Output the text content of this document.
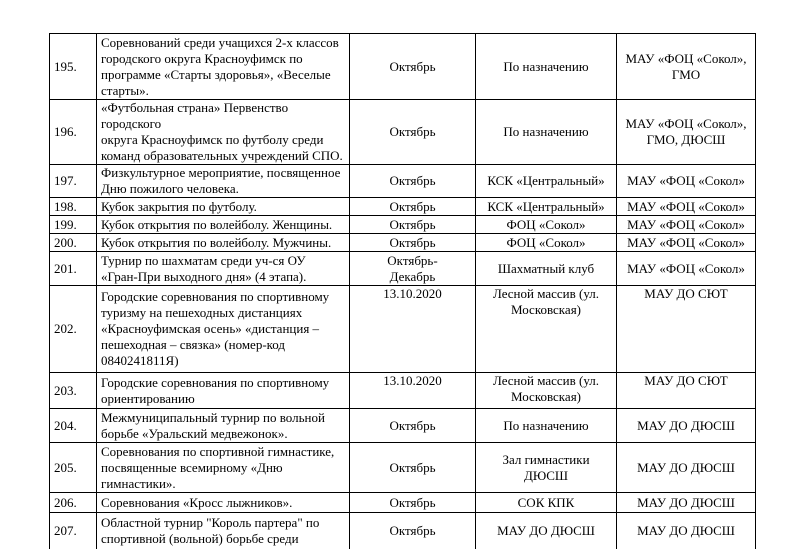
195.	Соревнований среди учащихся 2-х классов
городского округа Красноуфимск по
программе «Старты здоровья», «Веселые
старты».	Октябрь	По назначению	МАУ «ФОЦ «Сокол»,
ГМО

196.	«Футбольная страна» Первенство городского
округа Красноуфимск по футболу среди
команд образовательных учреждений СПО.	Октябрь	По назначению	МАУ «ФОЦ «Сокол»,
ГМО, ДЮСШ

197.	Физкультурное мероприятие, посвященное
Дню пожилого человека.	Октябрь	КСК «Центральный»	МАУ «ФОЦ «Сокол»

198.	Кубок закрытия по футболу.	Октябрь	КСК «Центральный»	МАУ «ФОЦ «Сокол»

199.	Кубок открытия по волейболу. Женщины.	Октябрь	ФОЦ «Сокол»	МАУ «ФОЦ «Сокол»

200.	Кубок открытия по волейболу. Мужчины.	Октябрь	ФОЦ «Сокол»	МАУ «ФОЦ «Сокол»

201.	Турнир по шахматам среди уч-ся ОУ
«Гран-При выходного дня» (4 этапа).	Октябрь-
Декабрь	Шахматный клуб	МАУ «ФОЦ «Сокол»

202.	Городские соревнования по спортивному
туризму на пешеходных дистанциях
«Красноуфимская осень» «дистанция –
пешеходная – связка» (номер-код
0840241811Я)	13.10.2020	Лесной массив (ул.
Московская)	МАУ ДО СЮТ

203.	Городские соревнования по спортивному
ориентированию	13.10.2020	Лесной массив (ул.
Московская)	МАУ ДО СЮТ

204.	Межмуниципальный турнир по вольной
борьбе «Уральский медвежонок».	Октябрь	По назначению	МАУ ДО ДЮСШ

205.	Соревнования по спортивной гимнастике,
посвященные всемирному «Дню
гимнастики».	Октябрь	Зал гимнастики
ДЮСШ	МАУ ДО ДЮСШ

206.	Соревнования «Кросс лыжников».	Октябрь	СОК КПК	МАУ ДО ДЮСШ

207.	Областной турнир "Король партера" по
спортивной (вольной) борьбе среди	Октябрь	МАУ ДО ДЮСШ	МАУ ДО ДЮСШ
